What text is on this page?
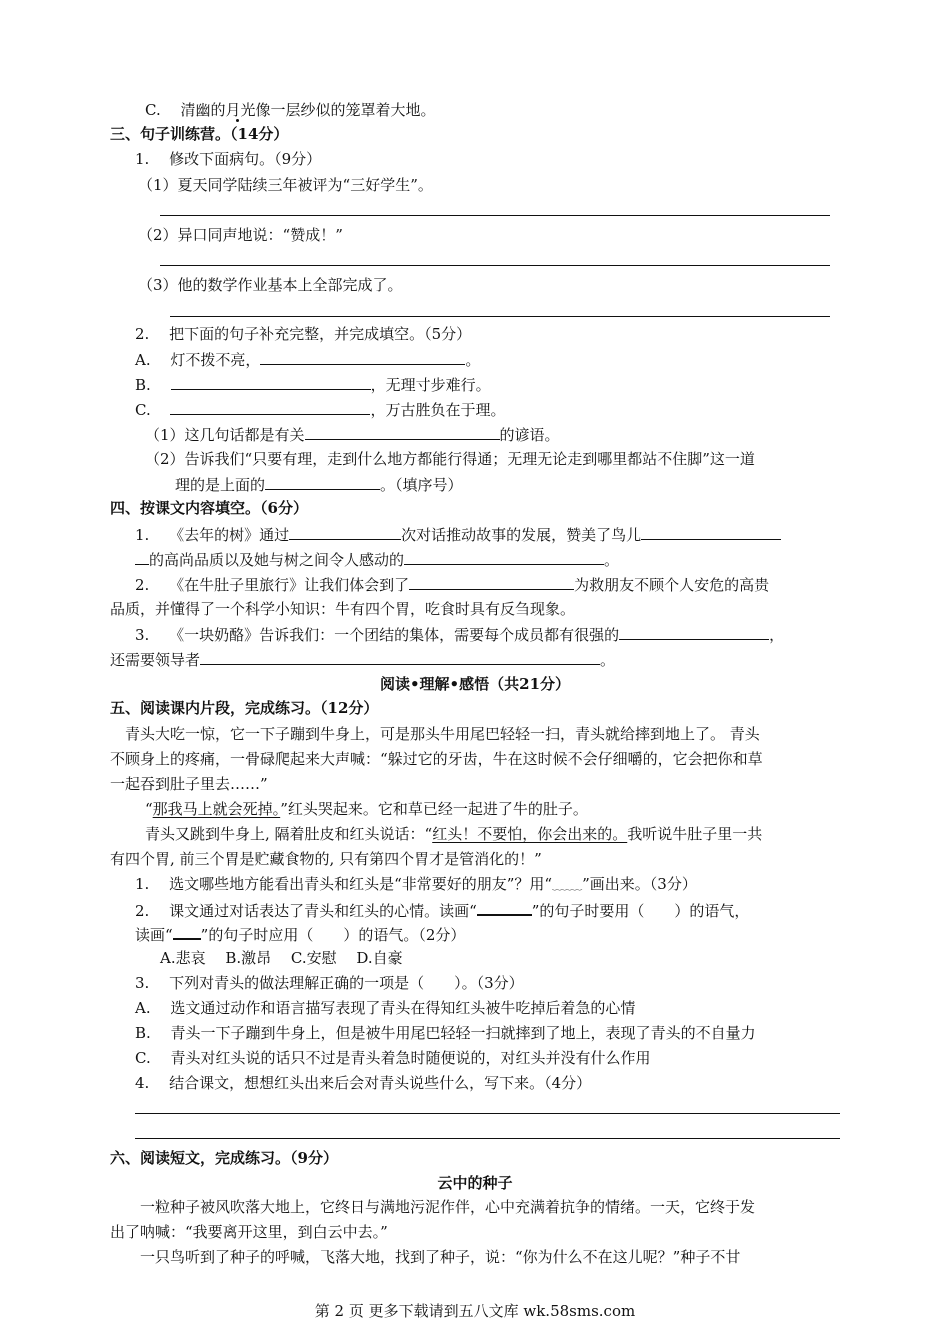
C.　 清幽的月光像一层纱似的笼罩着大地。
三、句子训练营。（14分）
1.　 修改下面病句。（9分）
（1）夏天同学陆续三年被评为“三好学生”。
（2）异口同声地说：“赞成！”
（3）他的数学作业基本上全部完成了。
2.　 把下面的句子补充完整，并完成填空。（5分）
A.　 灯不拨不亮，	。
B.　	，无理寸步难行。
C.　	，万古胜负在于理。
（1）这几句话都是有关	的谚语。
（2）告诉我们“只要有理，走到什么地方都能行得通；无理无论走到哪里都站不住脚”这一道
理的是上面的	。（填序号）
四、按课文内容填空。（6分）
1.　 《去年的树》通过	次对话推动故事的发展，赞美了鸟儿
的高尚品质以及她与树之间令人感动的	。
2.　 《在牛肚子里旅行》让我们体会到了	为救朋友不顾个人安危的高贵
品质，并懂得了一个科学小知识：牛有四个胃，吃食时具有反刍现象。
3.　 《一块奶酪》告诉我们：一个团结的集体，需要每个成员都有很强的	，
还需要领导者	。
阅读•理解•感悟（共21分）
五、阅读课内片段，完成练习。（12分）
　青头大吃一惊，它一下子蹦到牛身上，可是那头牛用尾巴轻轻一扫，青头就给摔到地上了。 青头
不顾身上的疼痛，一骨碌爬起来大声喊：“躲过它的牙齿，牛在这时候不会仔细嚼的，它会把你和草
一起吞到肚子里去……”
“那我马上就会死掉。”红头哭起来。它和草已经一起进了牛的肚子。
青头又跳到牛身上, 隔着肚皮和红头说话：“红头！不要怕，你会出来的。我听说牛肚子里一共
有四个胃, 前三个胃是贮藏食物的, 只有第四个胃才是管消化的！”
1.　 选文哪些地方能看出青头和红头是“非常要好的朋友”？用“﹏﹏”画出来。（3分）
2.　 课文通过对话表达了青头和红头的心情。读画“	”的句子时要用（　　）的语气，
读画“ ”的句子时应用（　　）的语气。（2分）
A.悲哀　 B.激昂　 C.安慰　 D.自豪
3.　 下列对青头的做法理解正确的一项是（　　）。（3分）
A.　 选文通过动作和语言描写表现了青头在得知红头被牛吃掉后着急的心情
B.　 青头一下子蹦到牛身上，但是被牛用尾巴轻轻一扫就摔到了地上，表现了青头的不自量力
C.　 青头对红头说的话只不过是青头着急时随便说的，对红头并没有什么作用
4.　 结合课文，想想红头出来后会对青头说些什么，写下来。（4分）
六、阅读短文，完成练习。（9分）
云中的种子
　　一粒种子被风吹落大地上，它终日与满地污泥作伴，心中充满着抗争的情绪。一天，它终于发
出了呐喊：“我要离开这里，到白云中去。”
　　一只鸟听到了种子的呼喊，飞落大地，找到了种子，说：“你为什么不在这儿呢？”种子不甘
第 2 页 更多下载请到五八文库 wk.58sms.com
